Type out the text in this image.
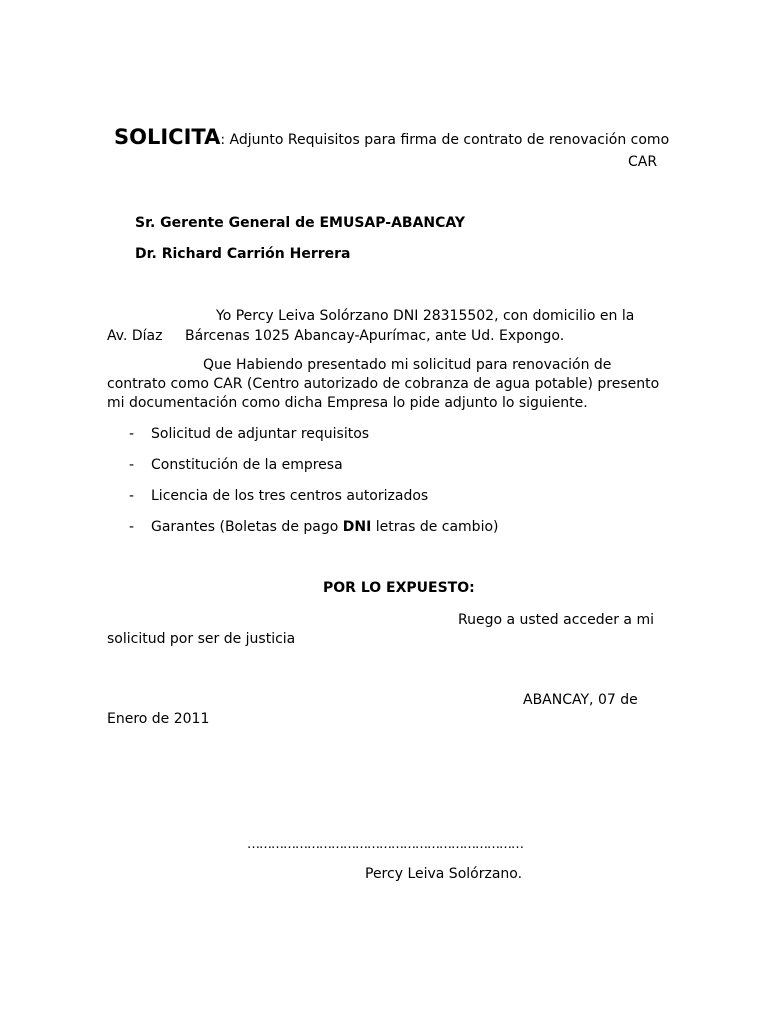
SOLICITA: Adjunto Requisitos para firma de contrato de renovación como
CAR
Sr. Gerente General de EMUSAP-ABANCAY
Dr. Richard Carrión Herrera
Yo Percy Leiva Solórzano DNI 28315502, con domicilio en la
Av. Díaz Bárcenas 1025 Abancay-Apurímac, ante Ud. Expongo.
Que Habiendo presentado mi solicitud para renovación de
contrato como CAR (Centro autorizado de cobranza de agua potable) presento
mi documentación como dicha Empresa lo pide adjunto lo siguiente.
- Solicitud de adjuntar requisitos
- Constitución de la empresa
- Licencia de los tres centros autorizados
- Garantes (Boletas de pago DNI letras de cambio)
POR LO EXPUESTO:
Ruego a usted acceder a mi
solicitud por ser de justicia
ABANCAY, 07 de
Enero de 2011
……………………………………………………………
Percy Leiva Solórzano.
